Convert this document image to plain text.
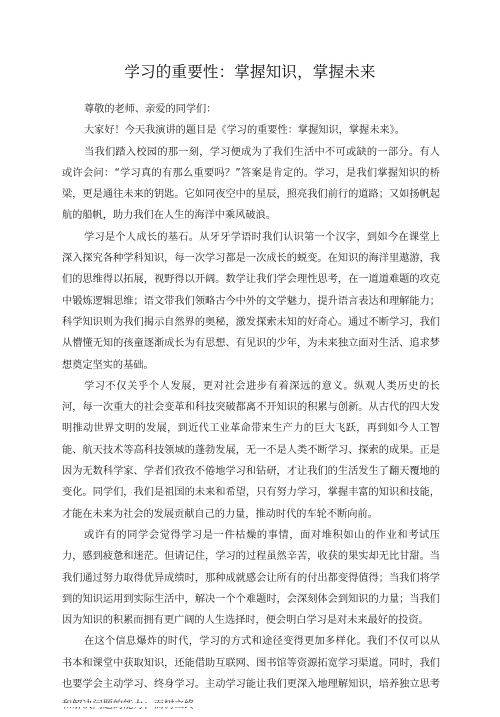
学习的重要性：掌握知识，掌握未来

尊敬的老师、亲爱的同学们：

大家好！今天我演讲的题目是《学习的重要性：掌握知识，掌握未来》。

当我们踏入校园的那一刻，学习便成为了我们生活中不可或缺的一部分。有人或许会问：“学习真的有那么重要吗？”答案是肯定的。学习，是我们掌握知识的桥梁，更是通往未来的钥匙。它如同夜空中的星辰，照亮我们前行的道路；又如扬帆起航的船帆，助力我们在人生的海洋中乘风破浪。

学习是个人成长的基石。从牙牙学语时我们认识第一个汉字，到如今在课堂上深入探究各种学科知识，每一次学习都是一次成长的蜕变。在知识的海洋里遨游，我们的思维得以拓展，视野得以开阔。数学让我们学会理性思考，在一道道难题的攻克中锻炼逻辑思维；语文带我们领略古今中外的文学魅力，提升语言表达和理解能力；科学知识则为我们揭示自然界的奥秘，激发探索未知的好奇心。通过不断学习，我们从懵懂无知的孩童逐渐成长为有思想、有见识的少年，为未来独立面对生活、追求梦想奠定坚实的基础。

学习不仅关乎个人发展，更对社会进步有着深远的意义。纵观人类历史的长河，每一次重大的社会变革和科技突破都离不开知识的积累与创新。从古代的四大发明推动世界文明的发展，到近代工业革命带来生产力的巨大飞跃，再到如今人工智能、航天技术等高科技领域的蓬勃发展，无一不是人类不断学习、探索的成果。正是因为无数科学家、学者们孜孜不倦地学习和钻研，才让我们的生活发生了翻天覆地的变化。同学们，我们是祖国的未来和希望，只有努力学习，掌握丰富的知识和技能，才能在未来为社会的发展贡献自己的力量，推动时代的车轮不断向前。

或许有的同学会觉得学习是一件枯燥的事情，面对堆积如山的作业和考试压力，感到疲惫和迷茫。但请记住，学习的过程虽然辛苦，收获的果实却无比甘甜。当我们通过努力取得优异成绩时，那种成就感会让所有的付出都变得值得；当我们将学到的知识运用到实际生活中，解决一个个难题时，会深刻体会到知识的力量；当我们因为知识的积累而拥有更广阔的人生选择时，便会明白学习是对未来最好的投资。

在这个信息爆炸的时代，学习的方式和途径变得更加多样化。我们不仅可以从书本和课堂中获取知识，还能借助互联网、图书馆等资源拓宽学习渠道。同时，我们也要学会主动学习、终身学习。主动学习能让我们更深入地理解知识，培养独立思考
